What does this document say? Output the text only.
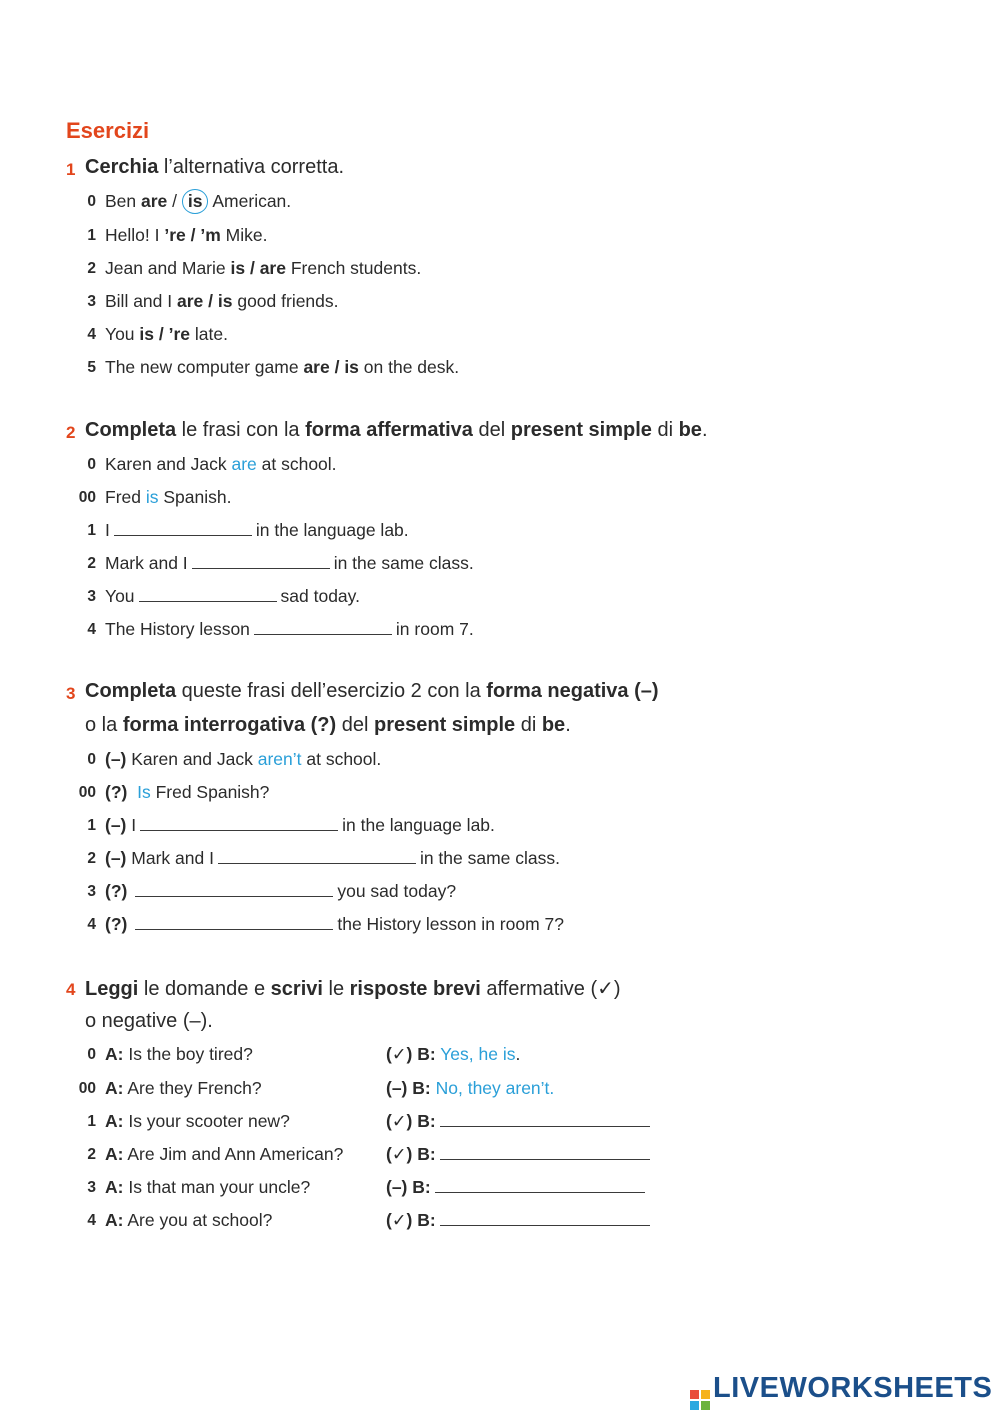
Esercizi
1 Cerchia l’alternativa corretta.
0 Ben are / is American.
1 Hello! I ’re / ’m Mike.
2 Jean and Marie is / are French students.
3 Bill and I are / is good friends.
4 You is / ’re late.
5 The new computer game are / is on the desk.
2 Completa le frasi con la forma affermativa del present simple di be.
0 Karen and Jack are at school.
00 Fred is Spanish.
1 I	in the language lab.
2 Mark and I	in the same class.
3 You	sad today.
4 The History lesson	in room 7.
3 Completa queste frasi dell’esercizio 2 con la forma negativa (–)
o la forma interrogativa (?) del present simple di be.
0 (–) Karen and Jack aren’t at school.
00 (?) Is Fred Spanish?
1 (–) I	in the language lab.
2 (–) Mark and I	in the same class.
3 (?)	you sad today?
4 (?)	the History lesson in room 7?
4 Leggi le domande e scrivi le risposte brevi affermative (✓)
o negative (–).
0 A: Is the boy tired?	(✓) B: Yes, he is.
00 A: Are they French?	(–) B: No, they aren’t.
1 A: Is your scooter new?	(✓) B:
2 A: Are Jim and Ann American? (✓) B:
3 A: Is that man your uncle?	(–) B:
4 A: Are you at school?	(✓) B:
LIVEWORKSHEETS
